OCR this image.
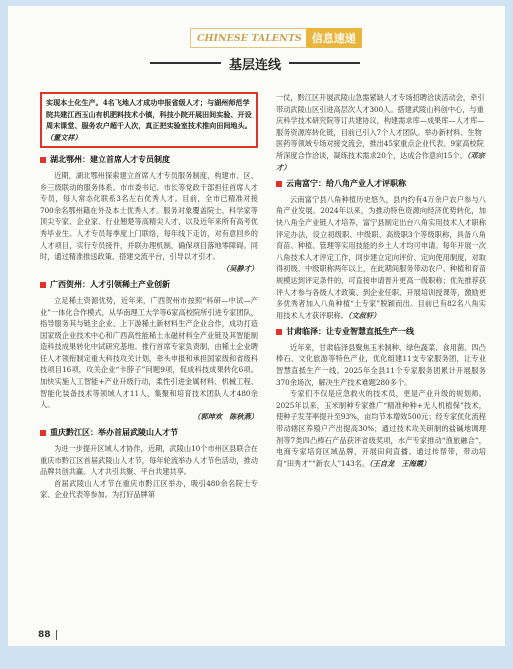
CHINESE TALENTS 信息速递
基层连线
实现本土化生产。4名飞地人才成功申报省级人才；与湖州师范学院共建江西玉山有机肥料技术小镇，科技小院开展田间实验、开设周末课堂、服务农户超千人次，真正把实验室技术推向田间地头。（董文祥）
湖北鄂州：建立首席人才专员制度
近期，湖北鄂州探索建立首席人才专员服务制度，构建市、区、乡三级联动的服务体系。市市委书记、市长等党政干部担任首席人才专员，每人常态化联系3名左右优秀人才。目前，全市已精准对接700余名鄂州籍在外及本土优秀人才。服务对象覆盖院士、科学家等顶尖专家、企业家、行业翘楚等高精尖人才，以及近年来所有高考优秀毕业生。人才专员每季度上门联络，每年线下走访，对有意回乡的人才项目，实行专员接件，并联办理机制，确保项目落地零障碍。同时，通过精准推送政策、搭建交流平台，引导以才引才。
（吴静才）
广西贺州：人才引领稀土产业创新
立足稀土资源优势，近年来，广西贺州市按照“科研—中试—产业”一体化合作模式，从华南理工大学等6家高校院所引进专家团队，指导服务其与链主企业、上下游稀土新材料生产企业合作，成功打造国家级企业技术中心和广西高性能稀土永磁材料全产业链及其智能制造科技成果转化中试研究基地。推行首席专家负责制，由稀土企业聘任人才领衔制定重大科技攻关计划，牵头申报和承担国家级和省级科技项目16项，攻关企业“卡脖子”问题9项，促成科技成果转化6项。加快实施人工智能+产业升级行动，柔性引进金属材料、机械工程、智能化装备技术等领域人才11人，集聚和培育技术团队人才480余人。
（郭坤欢　陈秋燕）
重庆黔江区：举办首届武陵山人才节
为进一步提升区域人才协作，近期，武陵山10个市州区县联合在重庆市黔江区首届武陵山人才节，每年轮流举办人才节色活动，推动品牌共创共赢、人才共引共聚、平台共建共享。
首届武陵山人才节在重庆市黔江区举办，吸引480余名院士专家、企业代表等参加。为打好品牌第
一仗，黔江区开展武陵山急需紧缺人才专场招聘洽谈活动会，牵引带动武陵山区引进高层次人才300人。搭建武陵山科创中心，与重庆科学技术研究院等订共建协议，构建需求库—成果库—人才库—服务资源库转化链，目前已引入7个人才团队。举办新材料、生物医药等领域专场对接交流会，推出45家重点企业代表、9家高校院所深度合作洽谈，凝练技术需求20个，达成合作意向15个。（邓宗才）
云南富宁：给八角产业人才评职称
云南富宁县八角种植历史悠久，县内约有4万余户农户参与八角产业发展。2024年以来，为推动特色资源向经济优势转化，加快八角全产业链人才培养，富宁县制定出台八角实用技术人才职称评定办法，设立初级职、中级职、高级职3个等级职称，具备八角育苗、种植、管理等实用技能的乡土人才均可申请。每年开展一次八角技术人才评定工作，同步建立定向评价、定向使用制度，对取得初级、中级职称两年以上，在此期间服务带动农户、种植和育苗规模达到评定条件的，可直接申请晋升更高一级职称；优先推荐获评人才参与各级人才政策、到企业任职、开展培训授课等，激励更多优秀者加入八角种植“土专家”脱颖而出。目前已有82名八角实用技术人才获评职称。（文叔轩）
甘肃临泽：让专业智慧直抵生产一线
近年来，甘肃临泽县聚焦玉米制种、绿色蔬菜、食用菌、四凸棒石、文化旅游等特色产业，优化组建11支专家服务团，让专业智慧直抵生产一线。2025年全县11个专家服务团累计开展服务370余场次，解决生产技术难题280多个。
专家们不仅是应急救火的技术员，更是产业升级的规划师。2025年以来，玉米制种专家推广“精准种种+无人机植保”技术，使种子发芽率提升至93%，亩均节本增效500元；经专家优化流程带动辖区养殖户产出提高30%；通过技术攻关研制的盐碱地调理剂等7类四凸棒石产品获评省级奖项，水产专家推动“渔旅融合”，电商专家培育区域品牌，开展田间直播。通过传帮带，带动培育“田秀才”“新农人”143名。（王自龙　王海霞）
88
